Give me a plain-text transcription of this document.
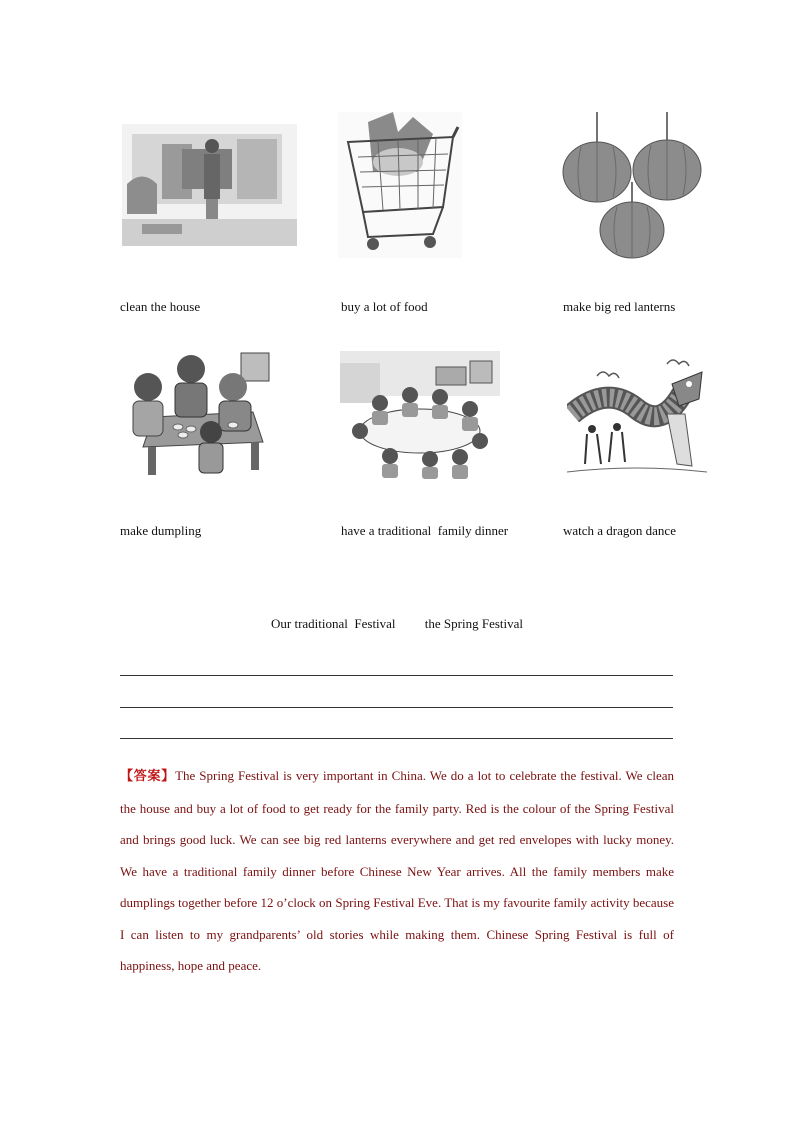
clean the house	buy a lot of food	make big red lanterns
make dumpling	have a traditional  family dinner	watch a dragon dance
Our traditional  Festival the Spring Festival
【答案】The Spring Festival is very important in China. We do a lot to celebrate the festival. We clean the house and buy a lot of food to get ready for the family party. Red is the colour of the Spring Festival and brings good luck. We can see big red lanterns everywhere and get red envelopes with lucky money. We have a traditional family dinner before Chinese New Year arrives. All the family members make dumplings together before 12 o’clock on Spring Festival Eve. That is my favourite family activity because I can listen to my grandparents’ old stories while making them. Chinese Spring Festival is full of happiness, hope and peace.
